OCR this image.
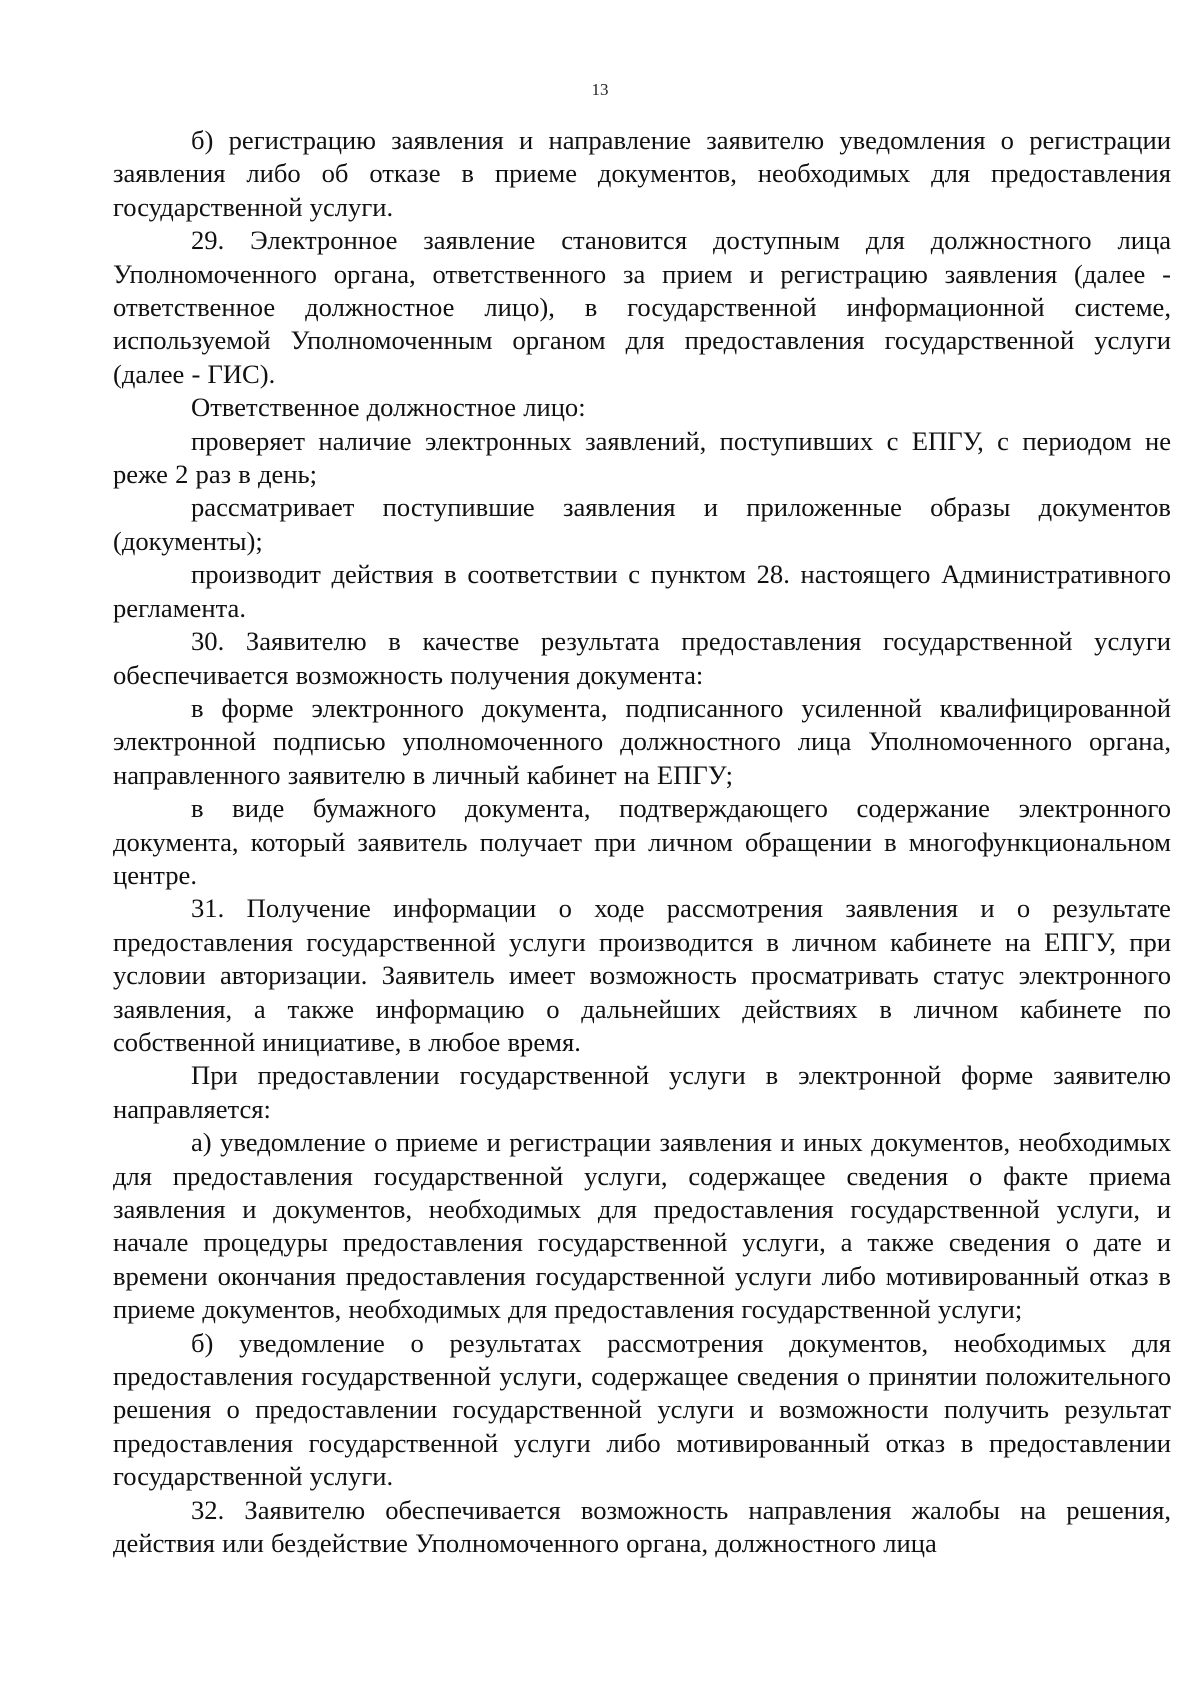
13

б) регистрацию заявления и направление заявителю уведомления о регистрации заявления либо об отказе в приеме документов, необходимых для предоставления государственной услуги.

29. Электронное заявление становится доступным для должностного лица Уполномоченного органа, ответственного за прием и регистрацию заявления (далее - ответственное должностное лицо), в государственной информационной системе, используемой Уполномоченным органом для предоставления государственной услуги (далее - ГИС).

Ответственное должностное лицо:

проверяет наличие электронных заявлений, поступивших с ЕПГУ, с периодом не реже 2 раз в день;

рассматривает поступившие заявления и приложенные образы документов (документы);

производит действия в соответствии с пунктом 28. настоящего Административного регламента.

30. Заявителю в качестве результата предоставления государственной услуги обеспечивается возможность получения документа:

в форме электронного документа, подписанного усиленной квалифицированной электронной подписью уполномоченного должностного лица Уполномоченного органа, направленного заявителю в личный кабинет на ЕПГУ;

в виде бумажного документа, подтверждающего содержание электронного документа, который заявитель получает при личном обращении в многофункциональном центре.

31. Получение информации о ходе рассмотрения заявления и о результате предоставления государственной услуги производится в личном кабинете на ЕПГУ, при условии авторизации. Заявитель имеет возможность просматривать статус электронного заявления, а также информацию о дальнейших действиях в личном кабинете по собственной инициативе, в любое время.

При предоставлении государственной услуги в электронной форме заявителю направляется:

а) уведомление о приеме и регистрации заявления и иных документов, необходимых для предоставления государственной услуги, содержащее сведения о факте приема заявления и документов, необходимых для предоставления государственной услуги, и начале процедуры предоставления государственной услуги, а также сведения о дате и времени окончания предоставления государственной услуги либо мотивированный отказ в приеме документов, необходимых для предоставления государственной услуги;

б) уведомление о результатах рассмотрения документов, необходимых для предоставления государственной услуги, содержащее сведения о принятии положительного решения о предоставлении государственной услуги и возможности получить результат предоставления государственной услуги либо мотивированный отказ в предоставлении государственной услуги.

32. Заявителю обеспечивается возможность направления жалобы на решения, действия или бездействие Уполномоченного органа, должностного лица
